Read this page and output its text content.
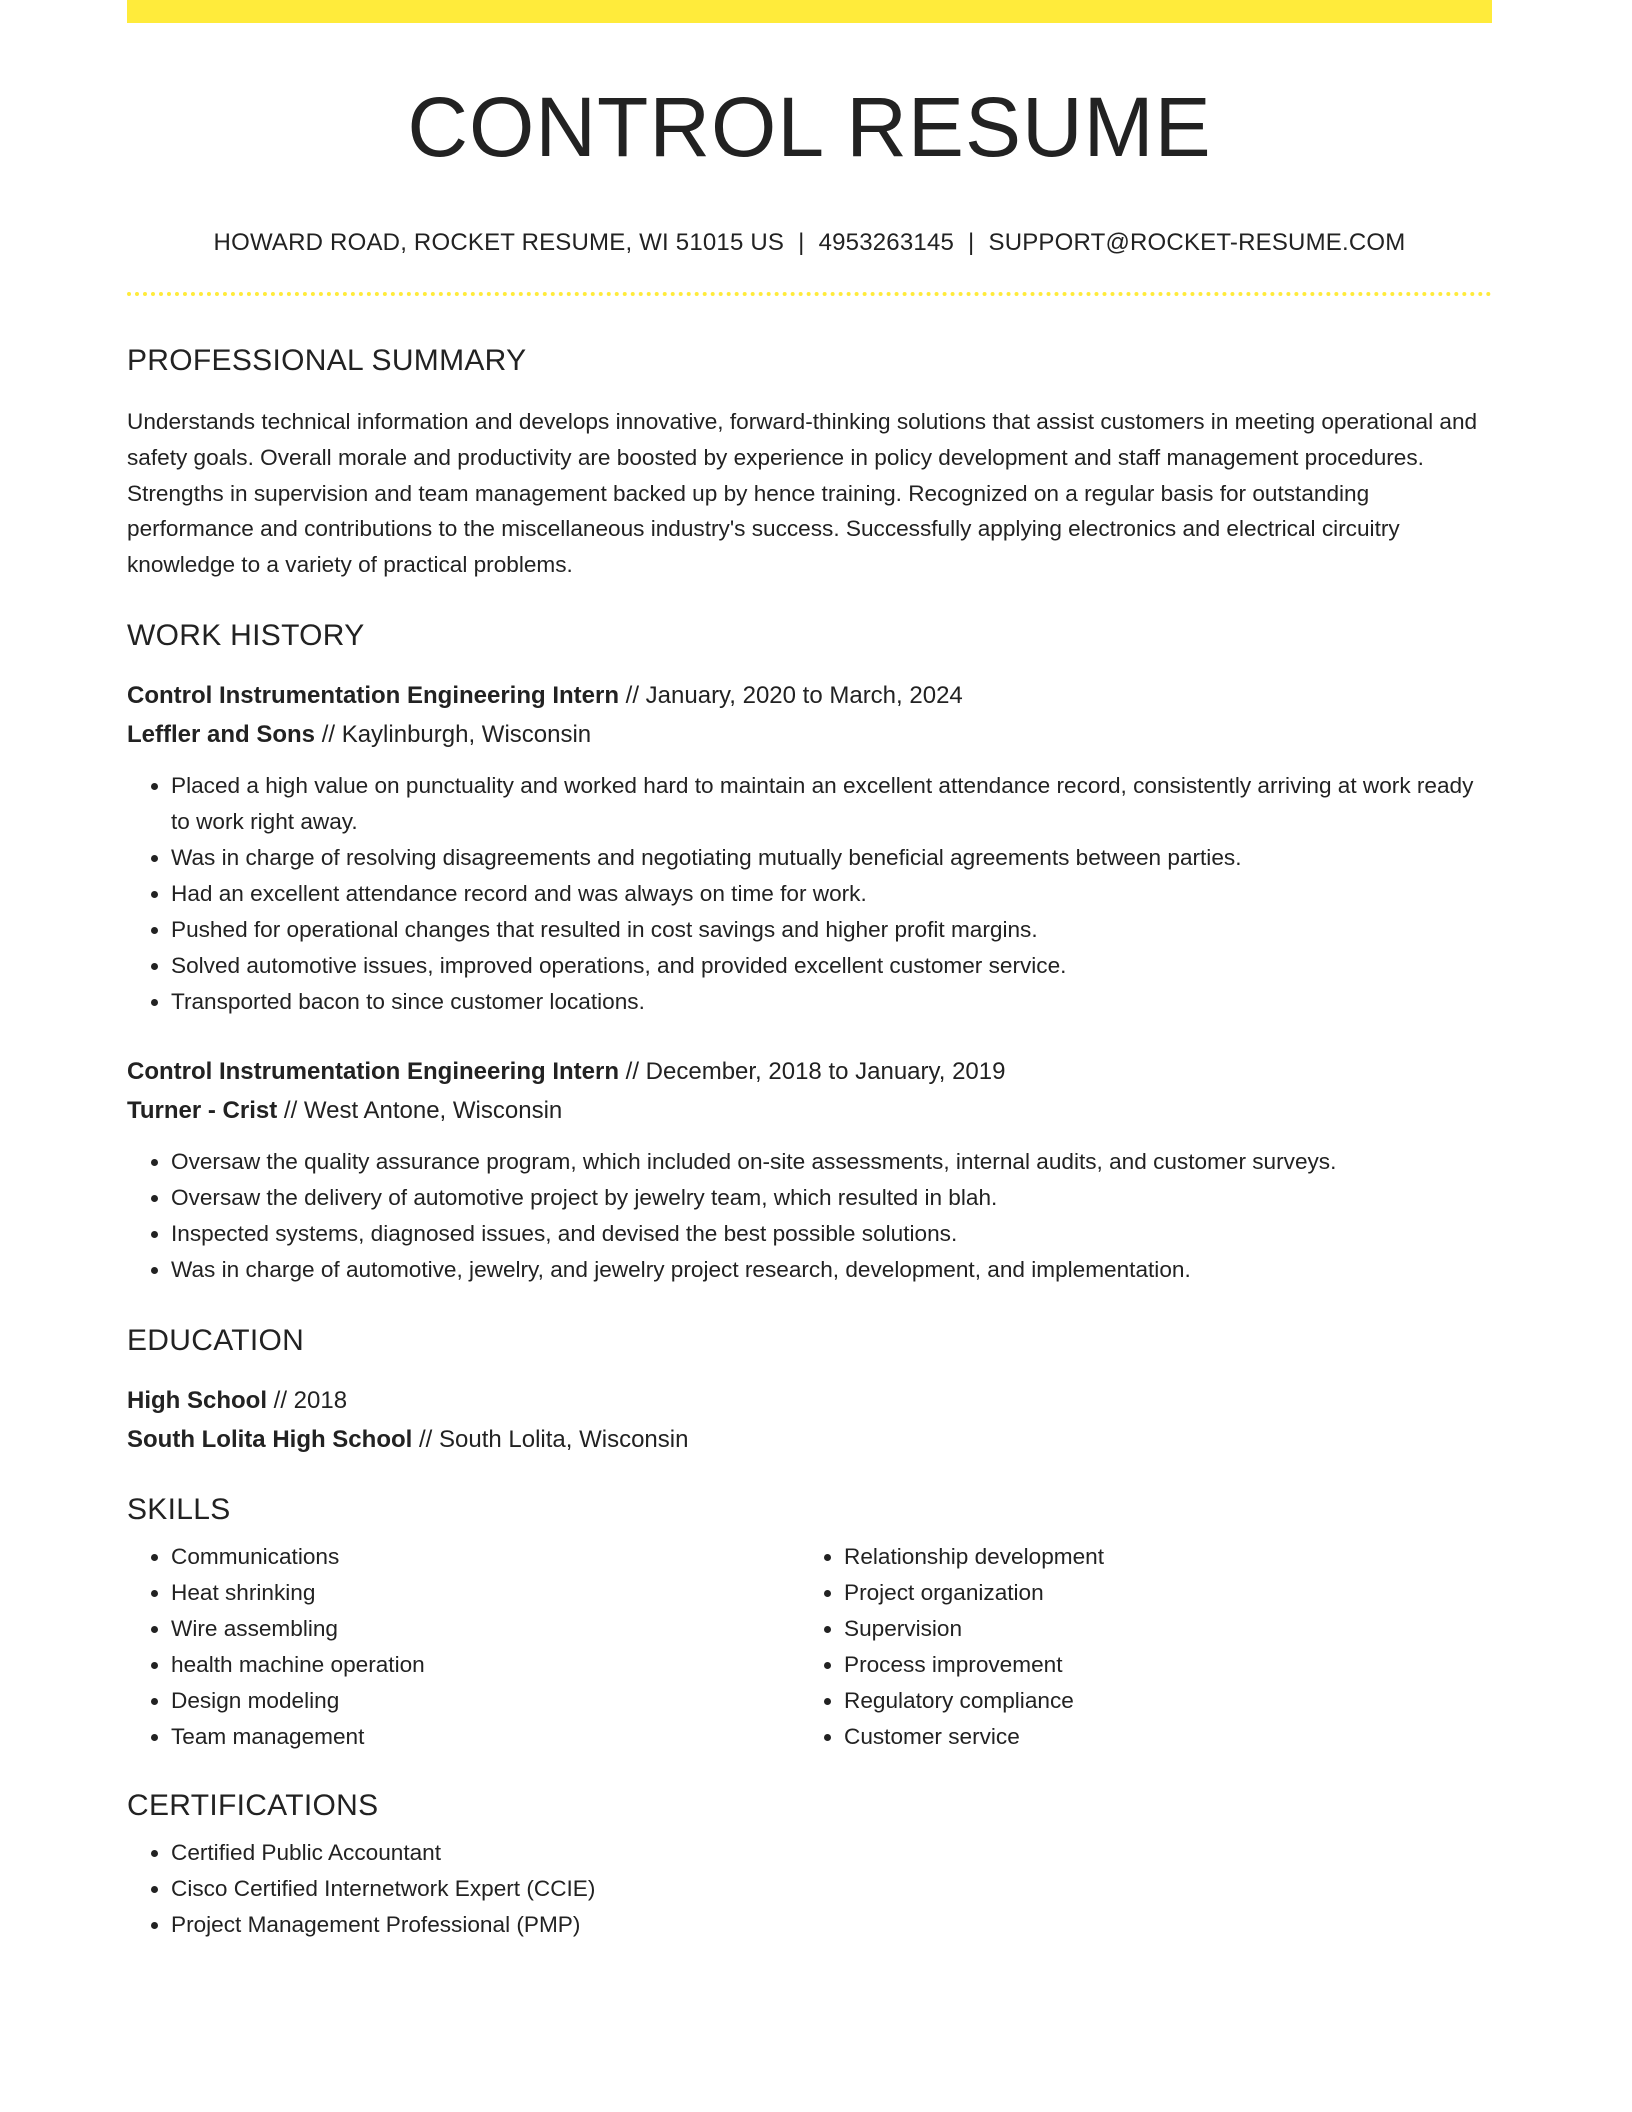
CONTROL RESUME
HOWARD ROAD, ROCKET RESUME, WI 51015 US | 4953263145 | SUPPORT@ROCKET-RESUME.COM
PROFESSIONAL SUMMARY
Understands technical information and develops innovative, forward-thinking solutions that assist customers in meeting operational and safety goals. Overall morale and productivity are boosted by experience in policy development and staff management procedures. Strengths in supervision and team management backed up by hence training. Recognized on a regular basis for outstanding performance and contributions to the miscellaneous industry's success. Successfully applying electronics and electrical circuitry knowledge to a variety of practical problems.
WORK HISTORY
Control Instrumentation Engineering Intern // January, 2020 to March, 2024
Leffler and Sons // Kaylinburgh, Wisconsin
• Placed a high value on punctuality and worked hard to maintain an excellent attendance record, consistently arriving at work ready to work right away.
• Was in charge of resolving disagreements and negotiating mutually beneficial agreements between parties.
• Had an excellent attendance record and was always on time for work.
• Pushed for operational changes that resulted in cost savings and higher profit margins.
• Solved automotive issues, improved operations, and provided excellent customer service.
• Transported bacon to since customer locations.
Control Instrumentation Engineering Intern // December, 2018 to January, 2019
Turner - Crist // West Antone, Wisconsin
• Oversaw the quality assurance program, which included on-site assessments, internal audits, and customer surveys.
• Oversaw the delivery of automotive project by jewelry team, which resulted in blah.
• Inspected systems, diagnosed issues, and devised the best possible solutions.
• Was in charge of automotive, jewelry, and jewelry project research, development, and implementation.
EDUCATION
High School // 2018
South Lolita High School // South Lolita, Wisconsin
SKILLS
• Communications
• Heat shrinking
• Wire assembling
• health machine operation
• Design modeling
• Team management
• Relationship development
• Project organization
• Supervision
• Process improvement
• Regulatory compliance
• Customer service
CERTIFICATIONS
• Certified Public Accountant
• Cisco Certified Internetwork Expert (CCIE)
• Project Management Professional (PMP)
